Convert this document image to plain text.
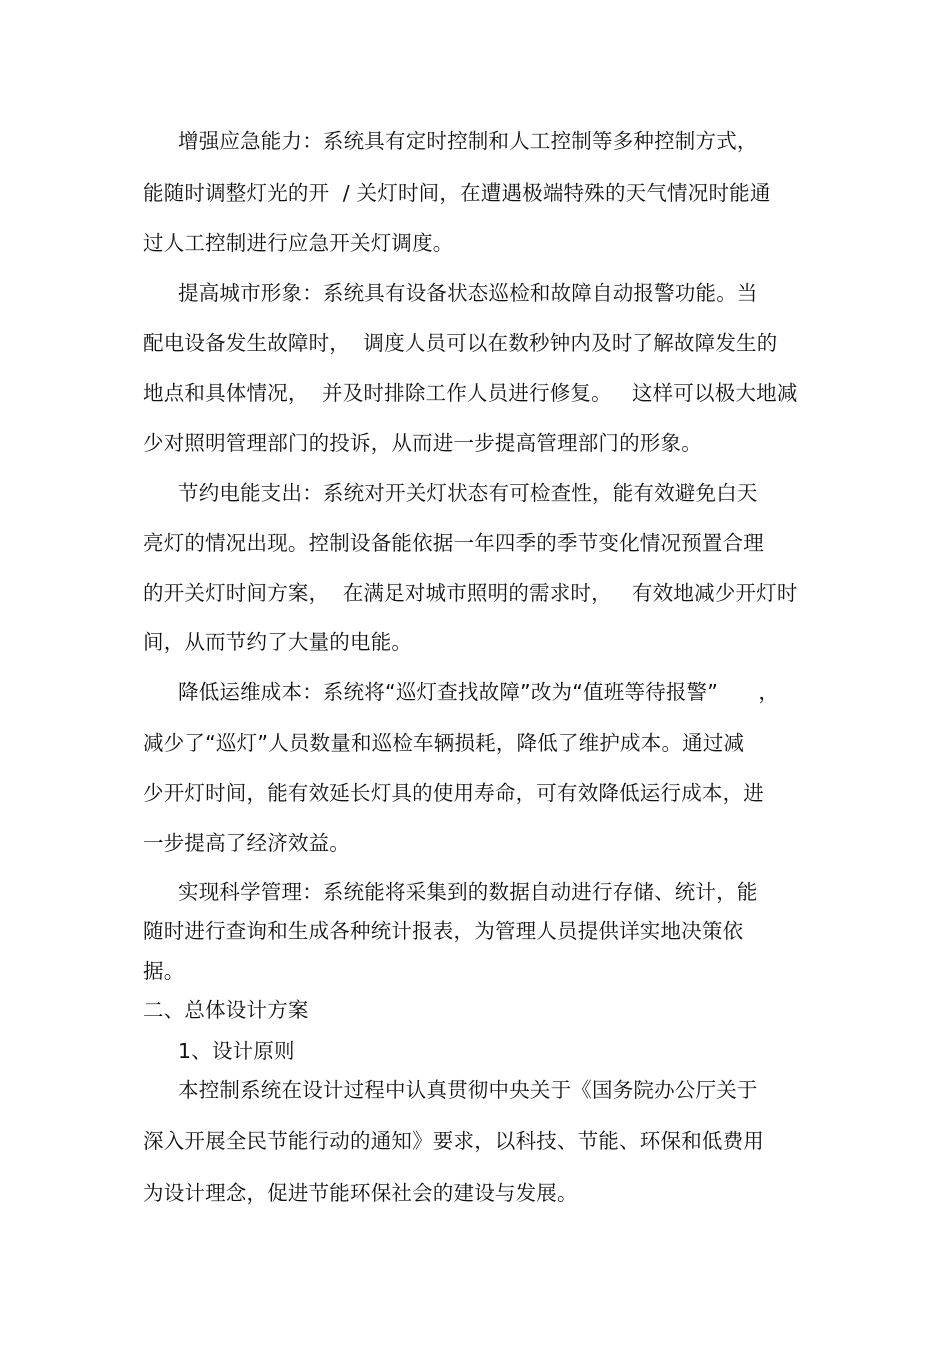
增强应急能力：系统具有定时控制和人工控制等多种控制方式，
能随时调整灯光的开  / 关灯时间，在遭遇极端特殊的天气情况时能通
过人工控制进行应急开关灯调度。
提高城市形象：系统具有设备状态巡检和故障自动报警功能。当
配电设备发生故障时，  调度人员可以在数秒钟内及时了解故障发生的
地点和具体情况，  并及时排除工作人员进行修复。   这样可以极大地减
少对照明管理部门的投诉，从而进一步提高管理部门的形象。
节约电能支出：系统对开关灯状态有可检查性，能有效避免白天
亮灯的情况出现。控制设备能依据一年四季的季节变化情况预置合理
的开关灯时间方案，  在满足对城市照明的需求时，   有效地减少开灯时
间，从而节约了大量的电能。
降低运维成本：系统将“巡灯查找故障”改为“值班等待报警”      ，
减少了“巡灯”人员数量和巡检车辆损耗，降低了维护成本。通过减
少开灯时间，能有效延长灯具的使用寿命，可有效降低运行成本，进
一步提高了经济效益。
实现科学管理：系统能将采集到的数据自动进行存储、统计，能
随时进行查询和生成各种统计报表，为管理人员提供详实地决策依
据。
二、总体设计方案
1、设计原则
本控制系统在设计过程中认真贯彻中央关于《国务院办公厅关于
深入开展全民节能行动的通知》要求，以科技、节能、环保和低费用
为设计理念，促进节能环保社会的建设与发展。
